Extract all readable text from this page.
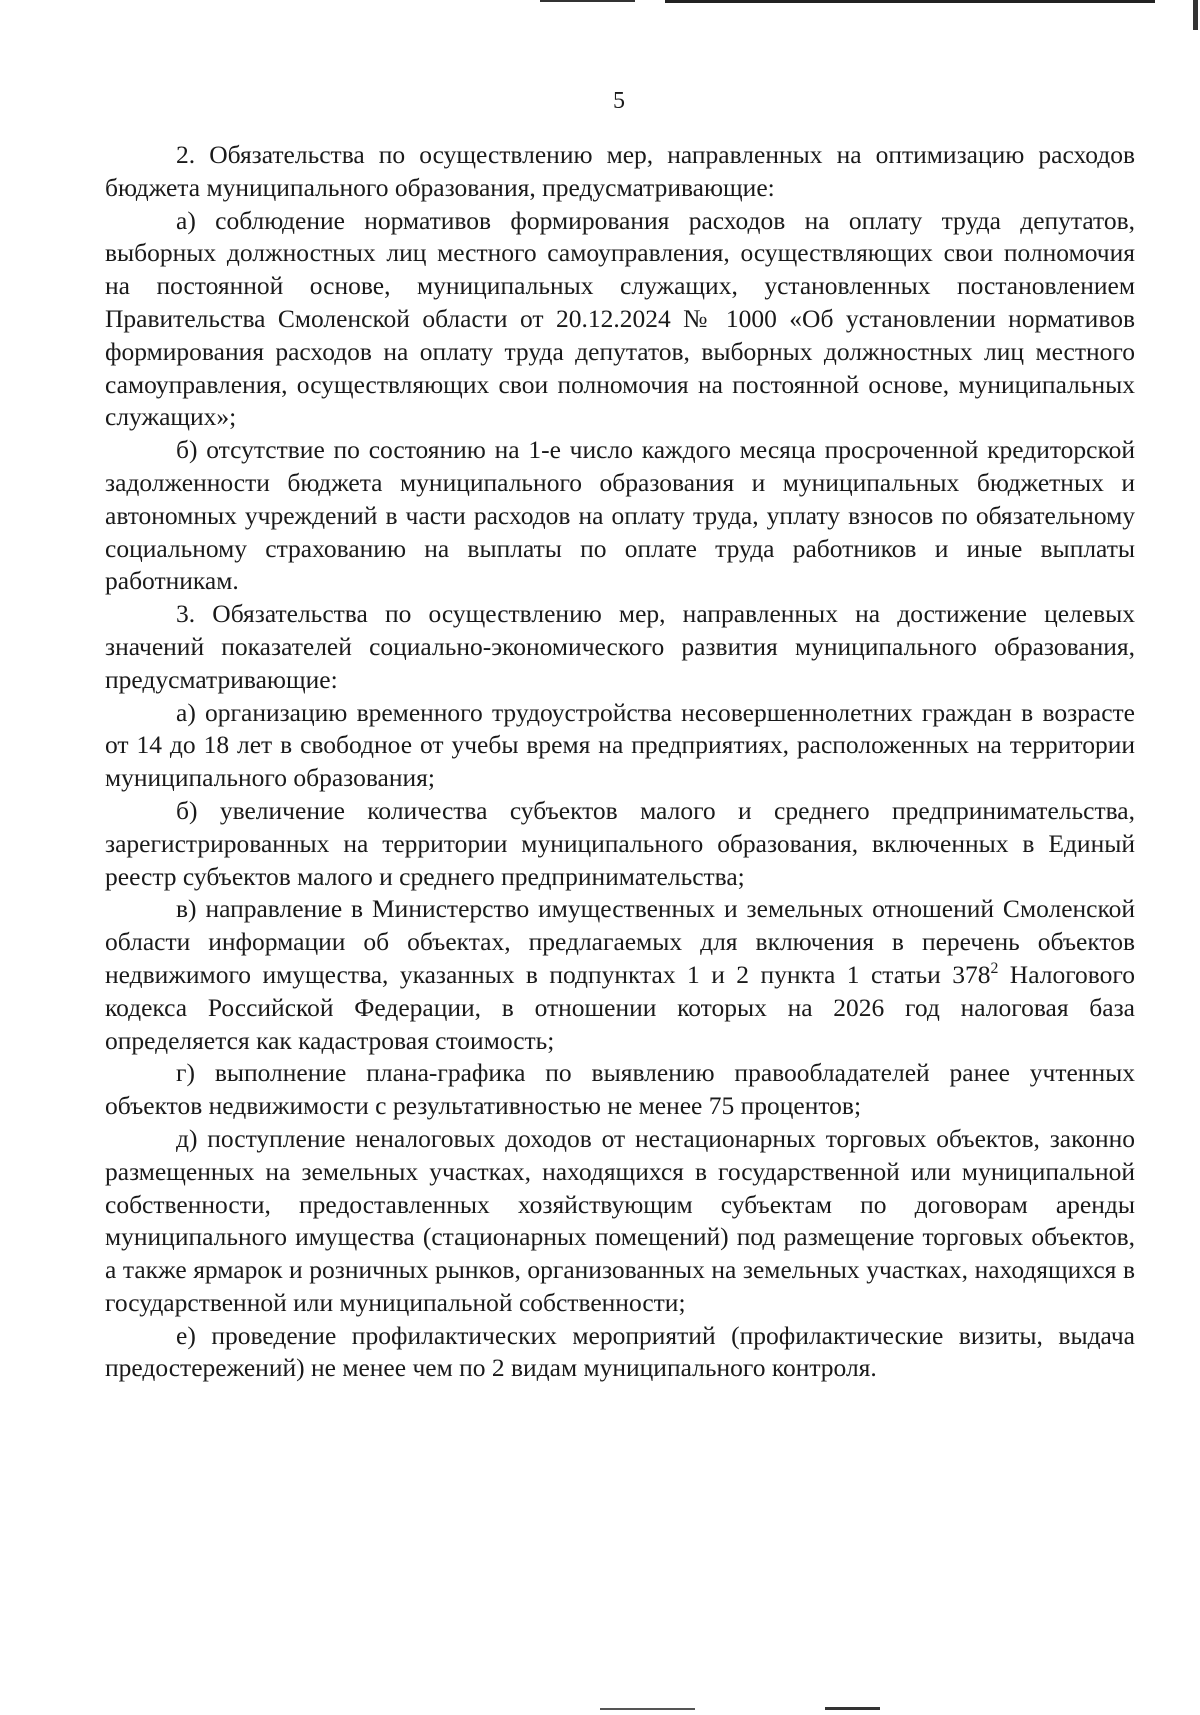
5

2. Обязательства по осуществлению мер, направленных на оптимизацию расходов бюджета муниципального образования, предусматривающие:

а) соблюдение нормативов формирования расходов на оплату труда депутатов, выборных должностных лиц местного самоуправления, осуществляющих свои полномочия на постоянной основе, муниципальных служащих, установленных постановлением Правительства Смоленской области от 20.12.2024 № 1000 «Об установлении нормативов формирования расходов на оплату труда депутатов, выборных должностных лиц местного самоуправления, осуществляющих свои полномочия на постоянной основе, муниципальных служащих»;

б) отсутствие по состоянию на 1-е число каждого месяца просроченной кредиторской задолженности бюджета муниципального образования и муниципальных бюджетных и автономных учреждений в части расходов на оплату труда, уплату взносов по обязательному социальному страхованию на выплаты по оплате труда работников и иные выплаты работникам.

3. Обязательства по осуществлению мер, направленных на достижение целевых значений показателей социально-экономического развития муниципального образования, предусматривающие:

а) организацию временного трудоустройства несовершеннолетних граждан в возрасте от 14 до 18 лет в свободное от учебы время на предприятиях, расположенных на территории муниципального образования;

б) увеличение количества субъектов малого и среднего предпринимательства, зарегистрированных на территории муниципального образования, включенных в Единый реестр субъектов малого и среднего предпринимательства;

в) направление в Министерство имущественных и земельных отношений Смоленской области информации об объектах, предлагаемых для включения в перечень объектов недвижимого имущества, указанных в подпунктах 1 и 2 пункта 1 статьи $378^2$ Налогового кодекса Российской Федерации, в отношении которых на 2026 год налоговая база определяется как кадастровая стоимость;

г) выполнение плана-графика по выявлению правообладателей ранее учтенных объектов недвижимости с результативностью не менее 75 процентов;

д) поступление неналоговых доходов от нестационарных торговых объектов, законно размещенных на земельных участках, находящихся в государственной или муниципальной собственности, предоставленных хозяйствующим субъектам по договорам аренды муниципального имущества (стационарных помещений) под размещение торговых объектов, а также ярмарок и розничных рынков, организованных на земельных участках, находящихся в государственной или муниципальной собственности;

е) проведение профилактических мероприятий (профилактические визиты, выдача предостережений) не менее чем по 2 видам муниципального контроля.
